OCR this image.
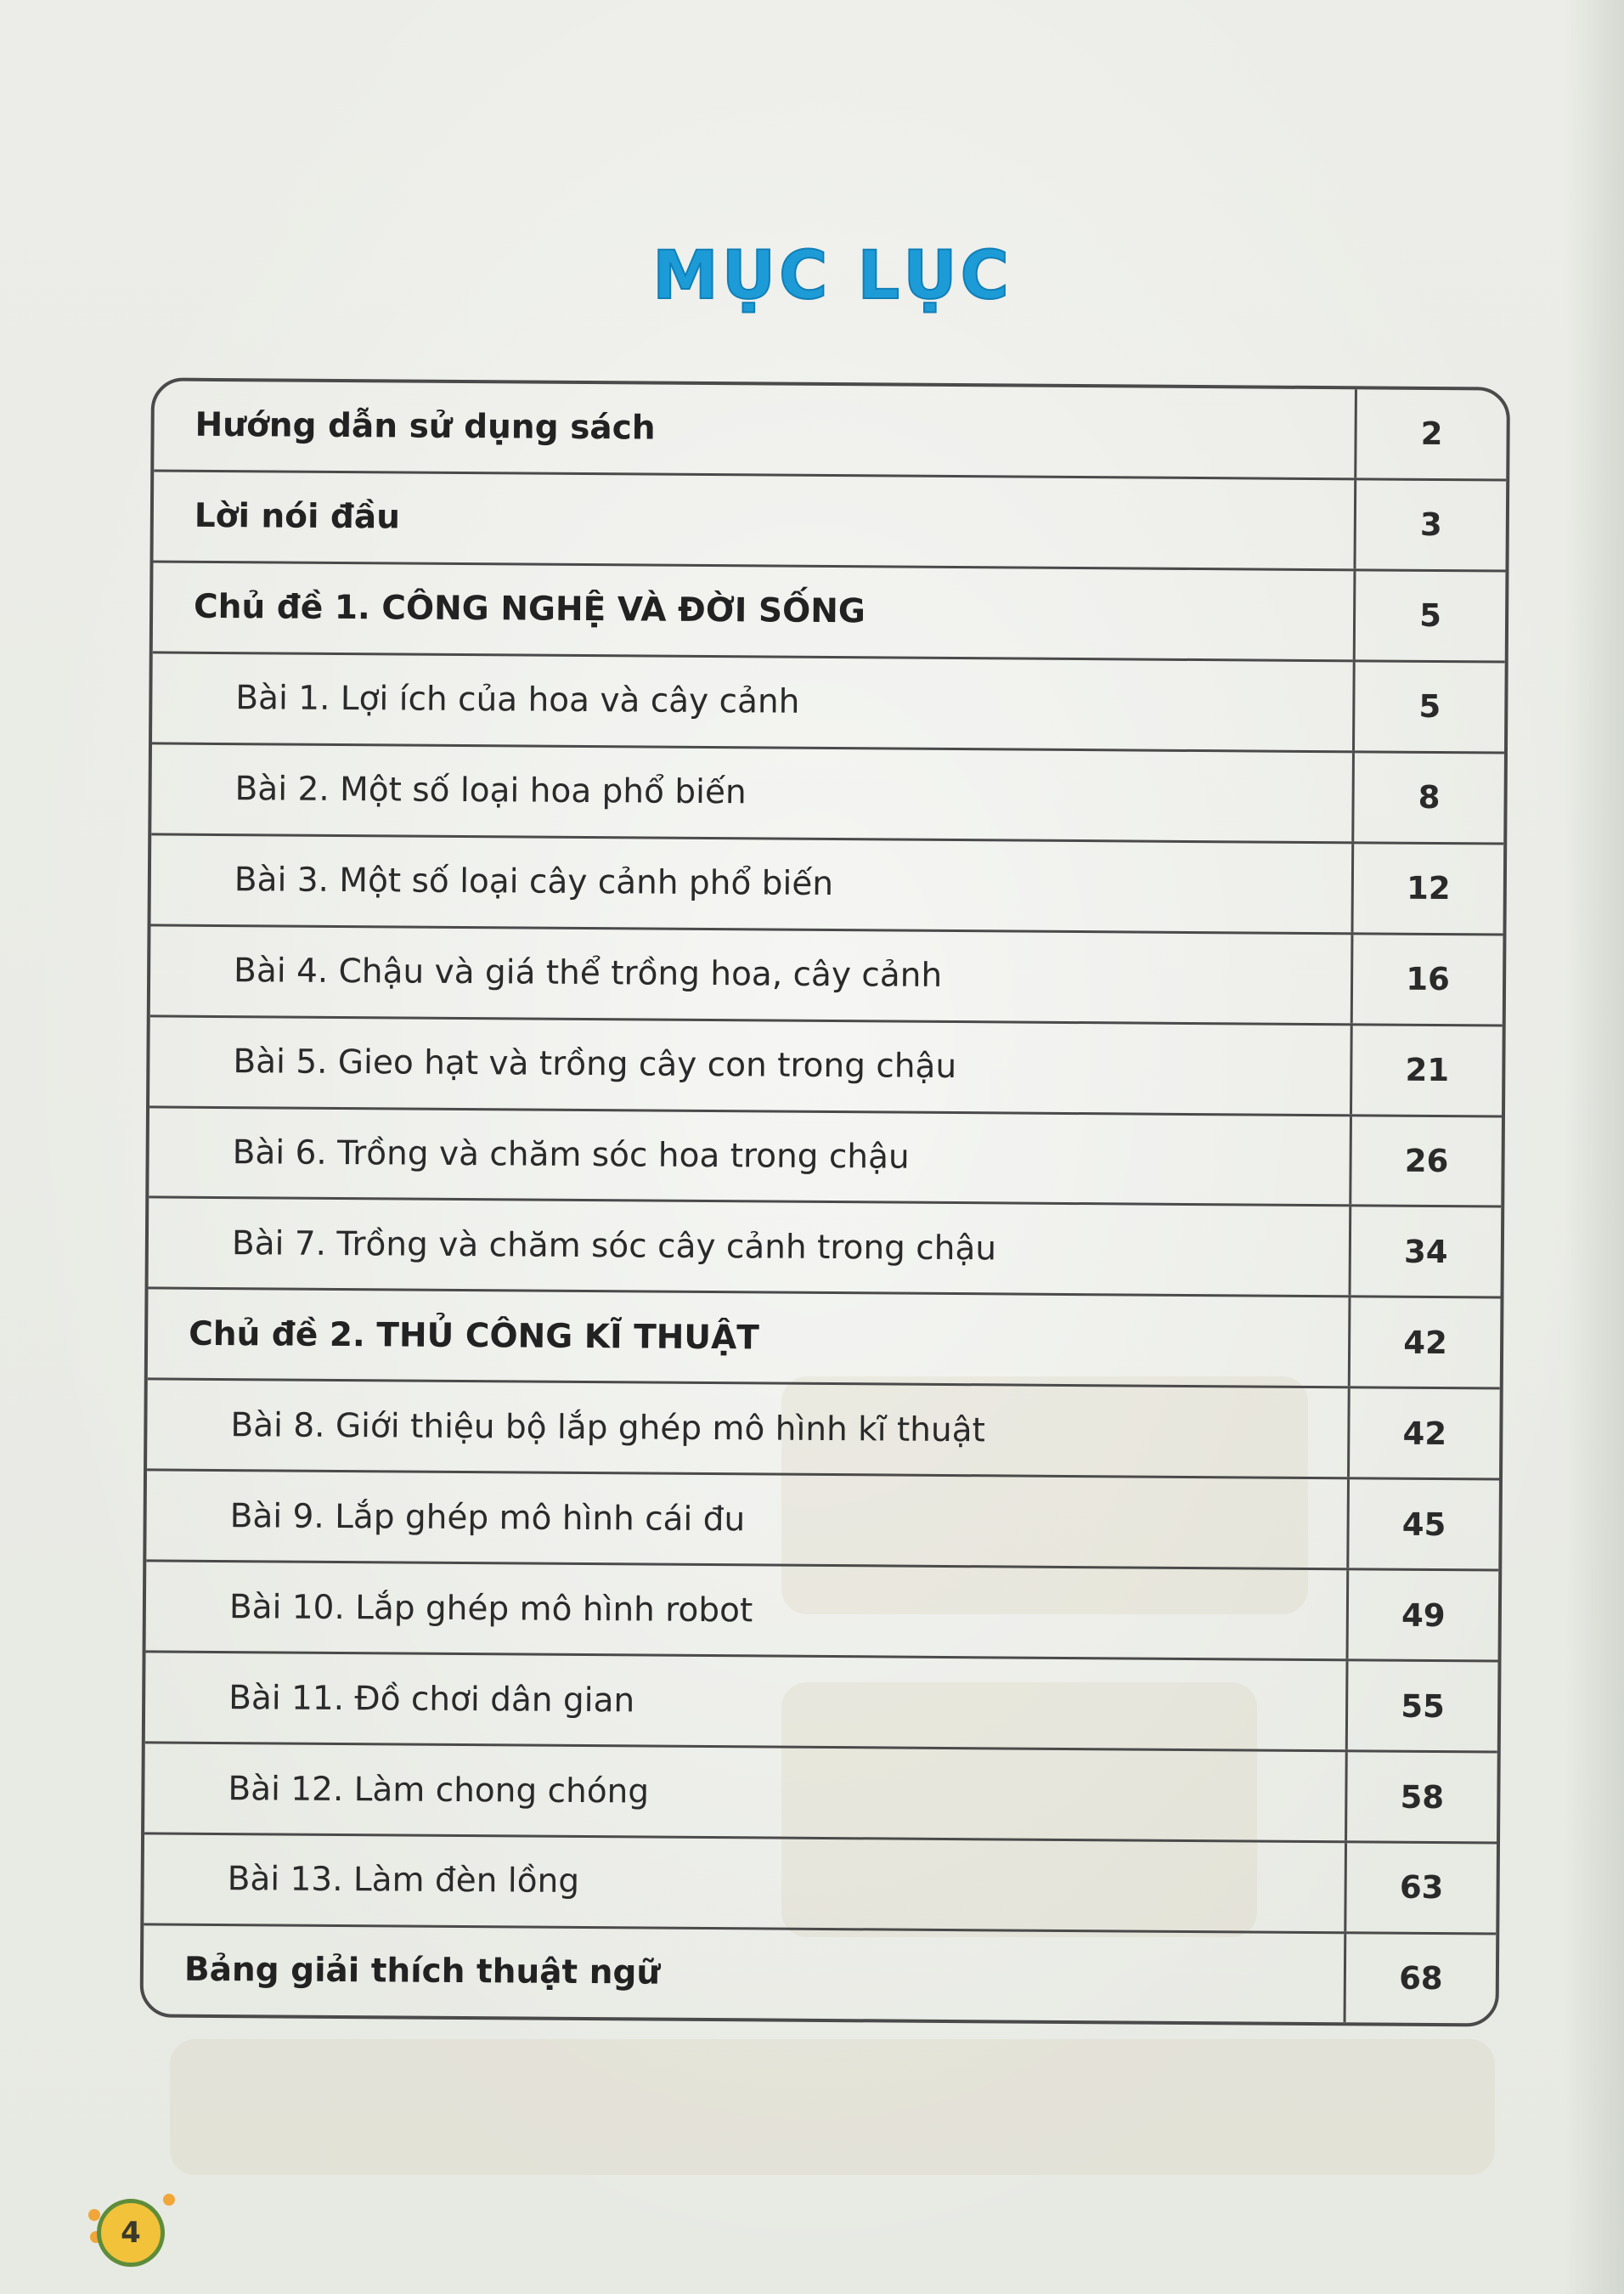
MỤC LỤC
Hướng dẫn sử dụng sách	2
Lời nói đầu	3
Chủ đề 1. CÔNG NGHỆ VÀ ĐỜI SỐNG	5
Bài 1. Lợi ích của hoa và cây cảnh	5
Bài 2. Một số loại hoa phổ biến	8
Bài 3. Một số loại cây cảnh phổ biến	12
Bài 4. Chậu và giá thể trồng hoa, cây cảnh	16
Bài 5. Gieo hạt và trồng cây con trong chậu	21
Bài 6. Trồng và chăm sóc hoa trong chậu	26
Bài 7. Trồng và chăm sóc cây cảnh trong chậu	34
Chủ đề 2. THỦ CÔNG KĨ THUẬT	42
Bài 8. Giới thiệu bộ lắp ghép mô hình kĩ thuật	42
Bài 9. Lắp ghép mô hình cái đu	45
Bài 10. Lắp ghép mô hình robot	49
Bài 11. Đồ chơi dân gian	55
Bài 12. Làm chong chóng	58
Bài 13. Làm đèn lồng	63
Bảng giải thích thuật ngữ	68
4
